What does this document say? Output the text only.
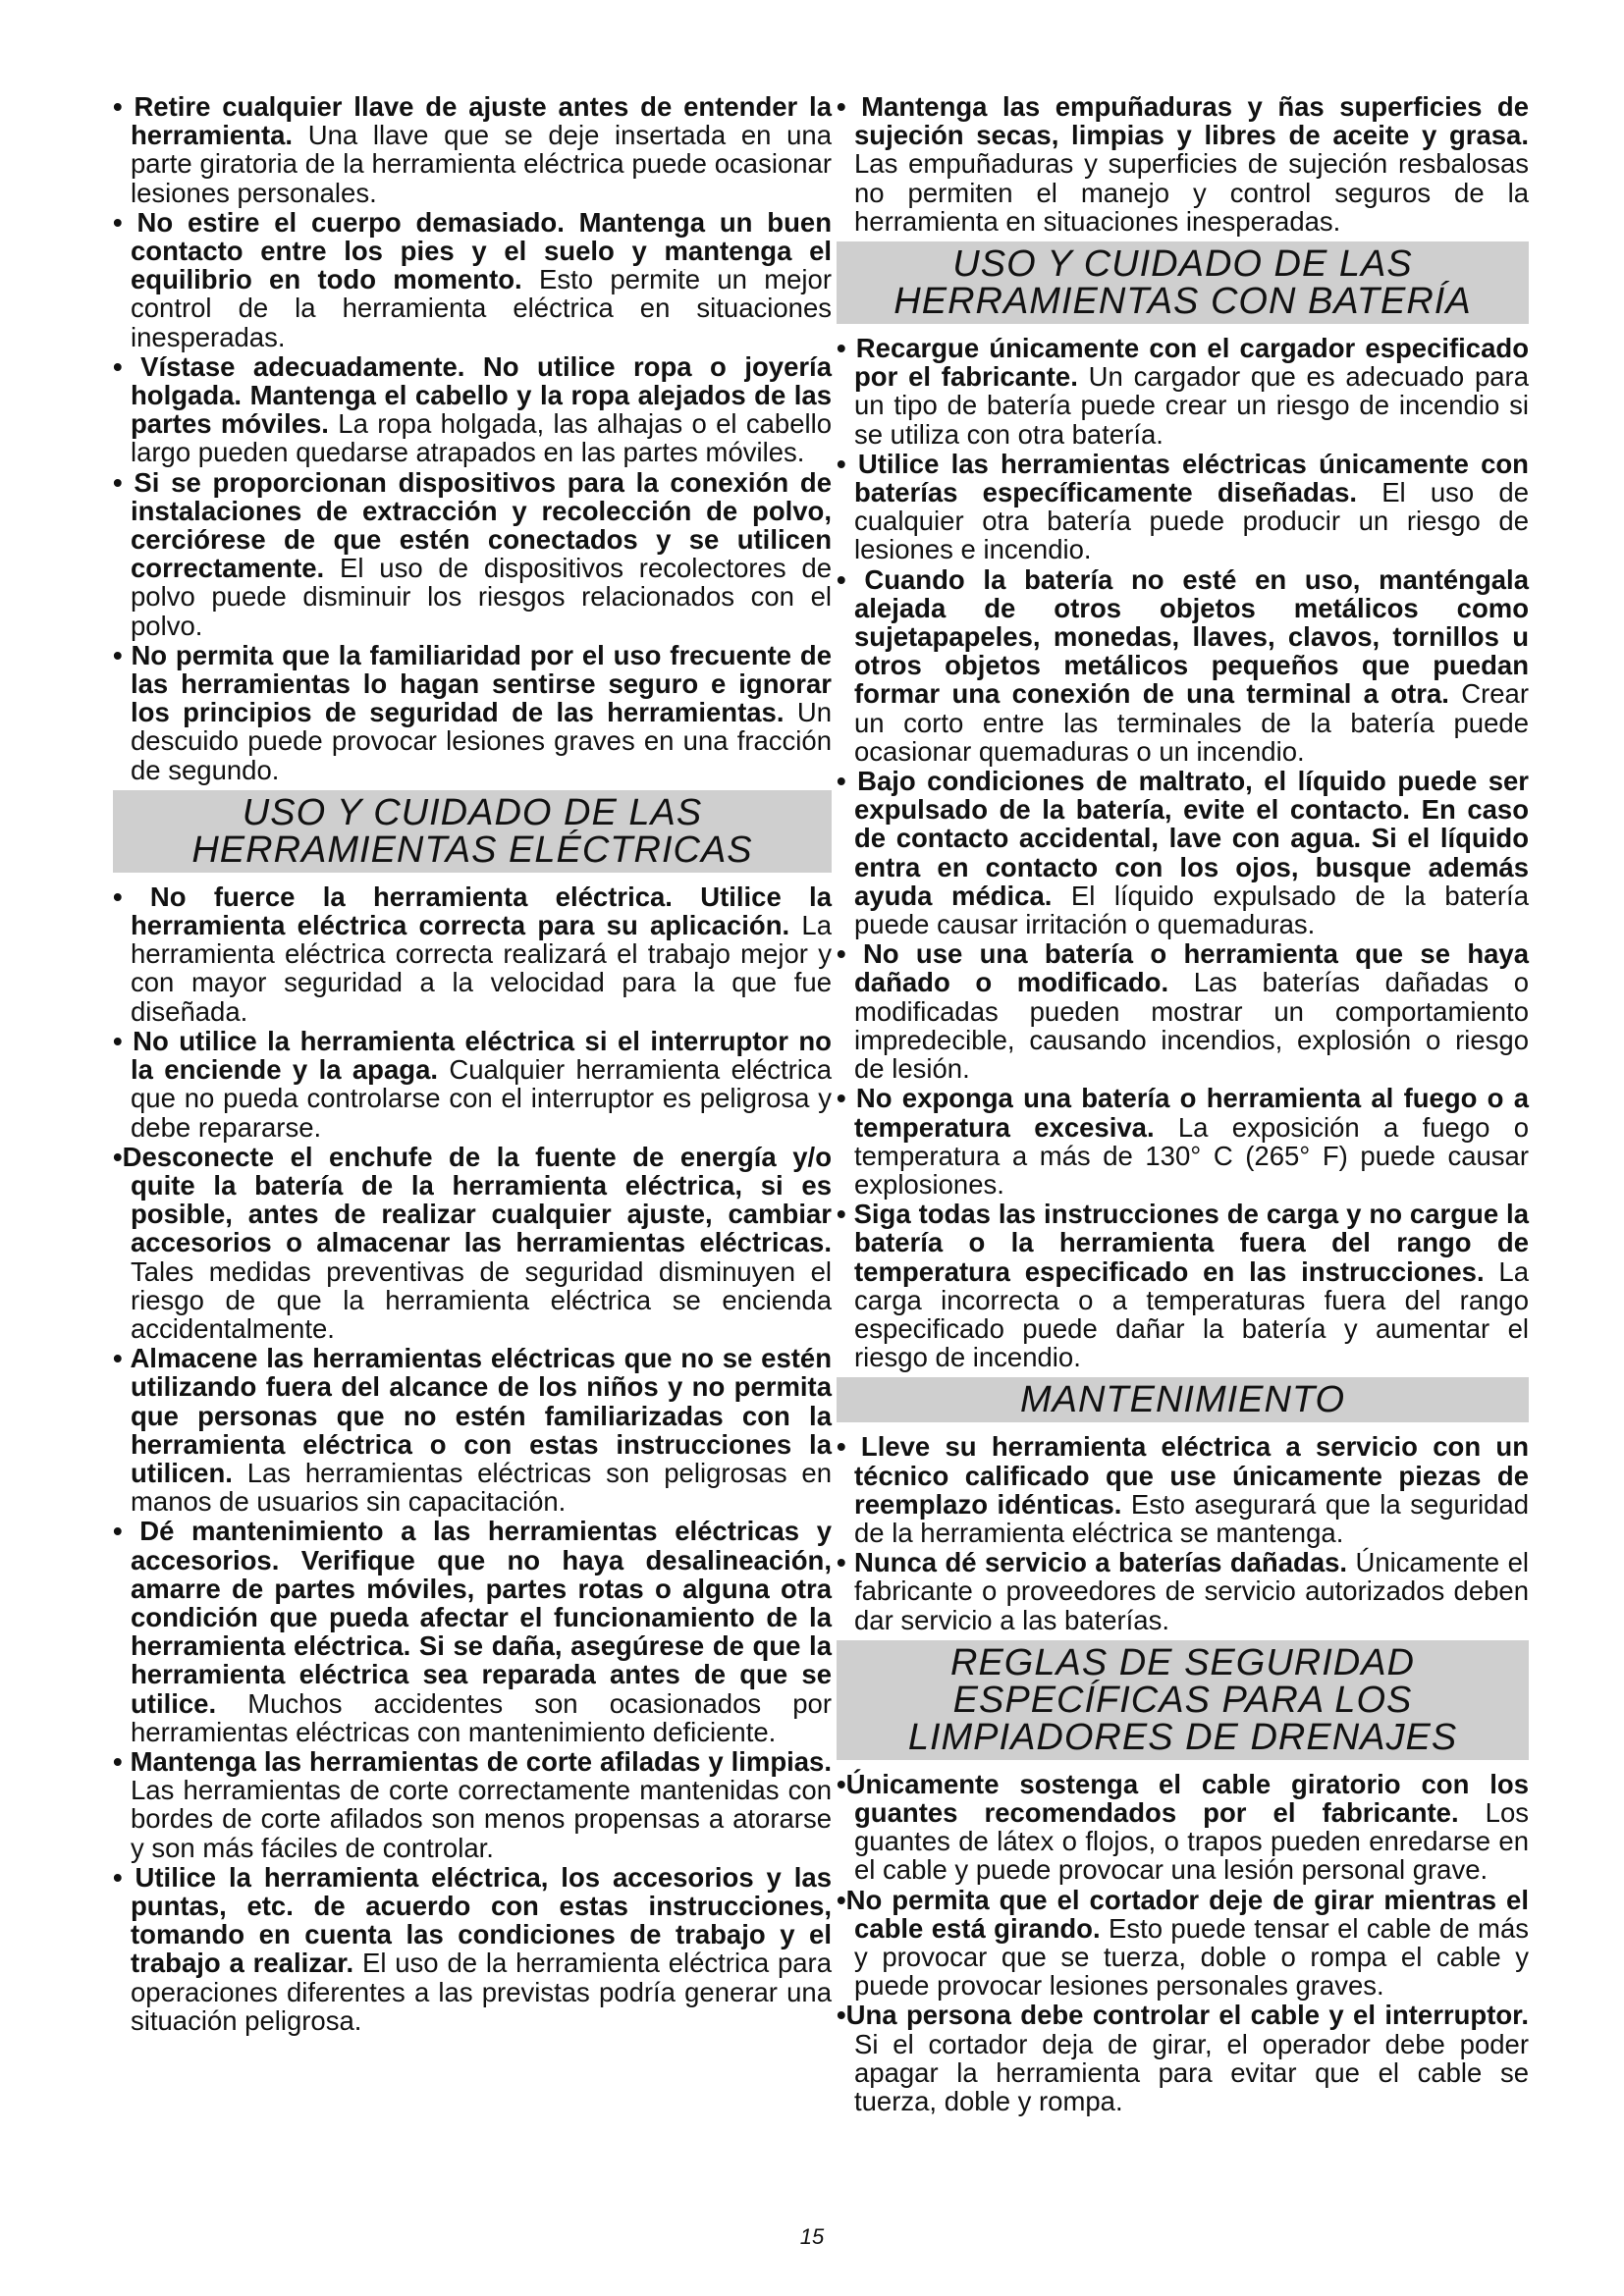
• Retire cualquier llave de ajuste antes de entender la herramienta. Una llave que se deje insertada en una parte giratoria de la herramienta eléctrica puede ocasionar lesiones personales.

• No estire el cuerpo demasiado. Mantenga un buen contacto entre los pies y el suelo y mantenga el equilibrio en todo momento. Esto permite un mejor control de la herramienta eléctrica en situaciones inesperadas.

• Vístase adecuadamente. No utilice ropa o joyería holgada. Mantenga el cabello y la ropa alejados de las partes móviles. La ropa holgada, las alhajas o el cabello largo pueden quedarse atrapados en las partes móviles.

• Si se proporcionan dispositivos para la conexión de instalaciones de extracción y recolección de polvo, cerciórese de que estén conectados y se utilicen correctamente. El uso de dispositivos recolectores de polvo puede disminuir los riesgos relacionados con el polvo.

• No permita que la familiaridad por el uso frecuente de las herramientas lo hagan sentirse seguro e ignorar los principios de seguridad de las herramientas. Un descuido puede provocar lesiones graves en una fracción de segundo.

USO Y CUIDADO DE LAS
HERRAMIENTAS ELÉCTRICAS

• No fuerce la herramienta eléctrica. Utilice la herramienta eléctrica correcta para su aplicación. La herramienta eléctrica correcta realizará el trabajo mejor y con mayor seguridad a la velocidad para la que fue diseñada.

• No utilice la herramienta eléctrica si el interruptor no la enciende y la apaga. Cualquier herramienta eléctrica que no pueda controlarse con el interruptor es peligrosa y debe repararse.

•Desconecte el enchufe de la fuente de energía y/o quite la batería de la herramienta eléctrica, si es posible, antes de realizar cualquier ajuste, cambiar accesorios o almacenar las herramientas eléctricas. Tales medidas preventivas de seguridad disminuyen el riesgo de que la herramienta eléctrica se encienda accidentalmente.

• Almacene las herramientas eléctricas que no se estén utilizando fuera del alcance de los niños y no permita que personas que no estén familiarizadas con la herramienta eléctrica o con estas instrucciones la utilicen. Las herramientas eléctricas son peligrosas en manos de usuarios sin capacitación.

• Dé mantenimiento a las herramientas eléctricas y accesorios. Verifique que no haya desalineación, amarre de partes móviles, partes rotas o alguna otra condición que pueda afectar el funcionamiento de la herramienta eléctrica. Si se daña, asegúrese de que la herramienta eléctrica sea reparada antes de que se utilice. Muchos accidentes son ocasionados por herramientas eléctricas con mantenimiento deficiente.

• Mantenga las herramientas de corte afiladas y limpias. Las herramientas de corte correctamente mantenidas con bordes de corte afilados son menos propensas a atorarse y son más fáciles de controlar.

• Utilice la herramienta eléctrica, los accesorios y las puntas, etc. de acuerdo con estas instrucciones, tomando en cuenta las condiciones de trabajo y el trabajo a realizar. El uso de la herramienta eléctrica para operaciones diferentes a las previstas podría generar una situación peligrosa.

• Mantenga las empuñaduras y ñas superficies de sujeción secas, limpias y libres de aceite y grasa. Las empuñaduras y superficies de sujeción resbalosas no permiten el manejo y control seguros de la herramienta en situaciones inesperadas.

USO Y CUIDADO DE LAS
HERRAMIENTAS CON BATERÍA

• Recargue únicamente con el cargador especificado por el fabricante. Un cargador que es adecuado para un tipo de batería puede crear un riesgo de incendio si se utiliza con otra batería.

• Utilice las herramientas eléctricas únicamente con baterías específicamente diseñadas. El uso de cualquier otra batería puede producir un riesgo de lesiones e incendio.

• Cuando la batería no esté en uso, manténgala alejada de otros objetos metálicos como sujetapapeles, monedas, llaves, clavos, tornillos u otros objetos metálicos pequeños que puedan formar una conexión de una terminal a otra. Crear un corto entre las terminales de la batería puede ocasionar quemaduras o un incendio.

• Bajo condiciones de maltrato, el líquido puede ser expulsado de la batería, evite el contacto. En caso de contacto accidental, lave con agua. Si el líquido entra en contacto con los ojos, busque además ayuda médica. El líquido expulsado de la batería puede causar irritación o quemaduras.

• No use una batería o herramienta que se haya dañado o modificado. Las baterías dañadas o modificadas pueden mostrar un comportamiento impredecible, causando incendios, explosión o riesgo de lesión.

• No exponga una batería o herramienta al fuego o a temperatura excesiva. La exposición a fuego o temperatura a más de 130° C (265° F) puede causar explosiones.

• Siga todas las instrucciones de carga y no cargue la batería o la herramienta fuera del rango de temperatura especificado en las instrucciones. La carga incorrecta o a temperaturas fuera del rango especificado puede dañar la batería y aumentar el riesgo de incendio.

MANTENIMIENTO

• Lleve su herramienta eléctrica a servicio con un técnico calificado que use únicamente piezas de reemplazo idénticas. Esto asegurará que la seguridad de la herramienta eléctrica se mantenga.

• Nunca dé servicio a baterías dañadas. Únicamente el fabricante o proveedores de servicio autorizados deben dar servicio a las baterías.

REGLAS DE SEGURIDAD
ESPECÍFICAS PARA LOS
LIMPIADORES DE DRENAJES

•Únicamente sostenga el cable giratorio con los guantes recomendados por el fabricante. Los guantes de látex o flojos, o trapos pueden enredarse en el cable y puede provocar una lesión personal grave.

•No permita que el cortador deje de girar mientras el cable está girando. Esto puede tensar el cable de más y provocar que se tuerza, doble o rompa el cable y puede provocar lesiones personales graves.

•Una persona debe controlar el cable y el interruptor. Si el cortador deja de girar, el operador debe poder apagar la herramienta para evitar que el cable se tuerza, doble y rompa.

15
